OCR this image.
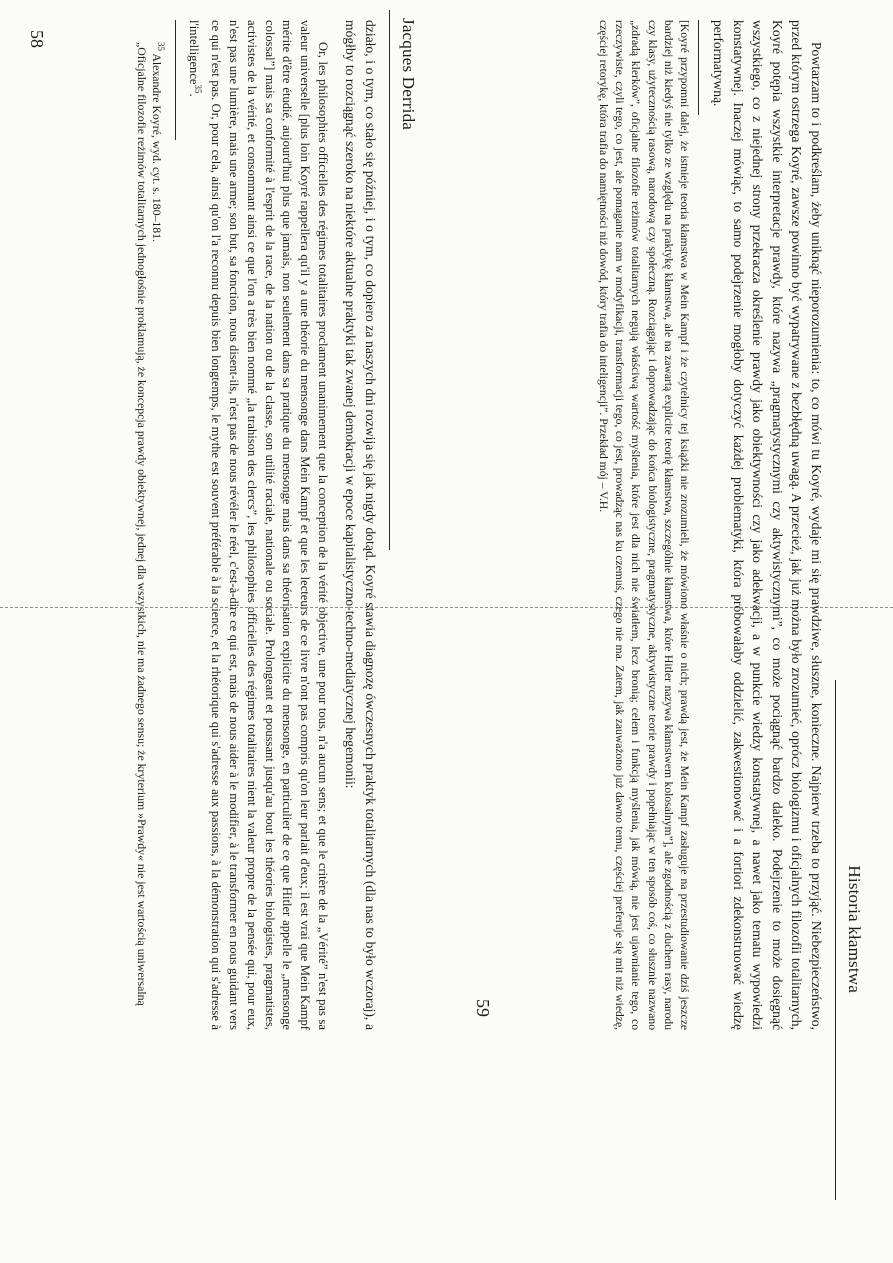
Jacques Derrida

działo, i o tym, co stało się później, i o tym, co dopiero za naszych dni rozwija się jak nigdy dotąd. Koyré stawia diagnozę ówczesnych praktyk totalitarnych (dla nas to było wczoraj), a mógłby to rozciągnąć szeroko na niektóre aktualne praktyki tak zwanej demokracji w epoce kapitalistyczno-techno-mediatycznej hegemonii:

Or, les philosophies officielles des régimes totalitaires proclament unanimement que la conception de la vérité objective, une pour tous, n'a aucun sens; et que le critère de la „Vérité” n'est pas sa valeur universelle [plus loin Koyré rappellera qu'il y a une théorie du mensonge dans Mein Kampf et que les lecteurs de ce livre n'ont pas compris qu'on leur parlait d'eux; il est vrai que Mein Kampf mérite d'être étudié, aujourd'hui plus que jamais, non seulement dans sa pratique du mensonge mais dans sa théorisation explicite du mensonge, en particulier de ce que Hitler appelle le „mensonge colossal”] mais sa conformité à l'esprit de la race, de la nation ou de la classe, son utilité raciale, nationale ou sociale. Prolongeant et poussant jusqu'au bout les théories biologistes, pragmatistes, activistes de la vérité, et consommant ainsi ce que l'on a très bien nommé „la trahison des clercs”, les philosophies officielles des régimes totalitaires nient la valeur propre de la pensée qui, pour eux, n'est pas une lumière, mais une arme; son but, sa fonction, nous disent-ils, n'est pas de nous révéler le réel, c'est-à-dire ce qui est, mais de nous aider à le modifier, à le transformer en nous guidant vers ce qui n'est pas. Or, pour cela, ainsi qu'on l'a reconnu depuis bien longtemps, le mythe est souvent préférable à la science, et la rhétorique qui s'adresse aux passions, à la démonstration qui s'adresse à l'intelligence$^{35}$.

$^{35}$ Alexandre Koyré, wyd. cyt. s. 180–181.

„Oficjalne filozofie reżimów totalitarnych jednogłośnie proklamują, że koncepcja prawdy obiektywnej, jednej dla wszystkich, nie ma żadnego sensu; że kryterium »Prawdy« nie jest wartością uniwersalną

58
Historia kłamstwa

Powtarzam to i podkreślam, żeby uniknąć nieporozumienia: to, co mówi tu Koyré, wydaje mi się prawdziwe, słuszne, konieczne. Najpierw trzeba to przyjąć. Niebezpieczeństwo, przed którym ostrzega Koyré, zawsze powinno być wypatrywane z bezbłędną uwagą. A przecież, jak już można było zrozumieć, oprócz biologizmu i oficjalnych filozofii totalitarnych, Koyré potępia wszystkie interpretacje prawdy, które nazywa „pragmatystycznymi czy aktywistycznymi”, co może pociągnąć bardzo daleko. Podejrzenie to może dosięgnąć wszystkiego, co z niejednej strony przekracza określenie prawdy jako obiektywności czy jako adekwacji, a w punkcie wiedzy konstatywnej, a nawet jako tematu wypowiedzi konstatywnej. Inaczej mówiąc, to samo podejrzenie mogłoby dotyczyć każdej problematyki, która próbowałaby oddzielić, zakwestionować i a fortiori zdekonstruować wiedzę performatywną.

[Koyré przypomni dalej, że istnieje teoria kłamstwa w Mein Kampf i że czytelnicy tej książki nie zrozumieli, że mówiono właśnie o nich; prawdą jest, że Mein Kampf zasługuje na przestudiowanie dziś jeszcze bardziej niż kiedyś nie tylko ze względu na praktykę kłamstwa, ale na zawartą explicite teorię kłamstwa, szczególnie kłamstwa, które Hitler nazywa kłamstwem kolosalnym”], ale zgodnością z duchem rasy, narodu czy klasy, użytecznością rasową, narodową czy społeczną. Rozciągając i doprowadzając do końca biologistyczne, pragmatystyczne, aktywistyczne teorie prawdy i popełniając w ten sposób coś, co słusznie nazwano „zdradą klerków”, oficjalne filozofie reżimów totalitarnych negują właściwą wartość myślenia, które jest dla nich nie światłem, lecz bronią; celem i funkcją myślenia, jak mówią, nie jest ujawnianie tego, co rzeczywiste, czyli tego, co jest, ale pomaganie nam w modyfikacji, transformacji tego, co jest, prowadząc nas ku czemuś, czego nie ma. Zatem, jak zauważono już dawno temu, częściej preferuje się mit niż wiedzę, częściej retorykę, która trafia do namiętności niż dowód, który trafia do inteligencji”. Przekład mój – V.H.

59
